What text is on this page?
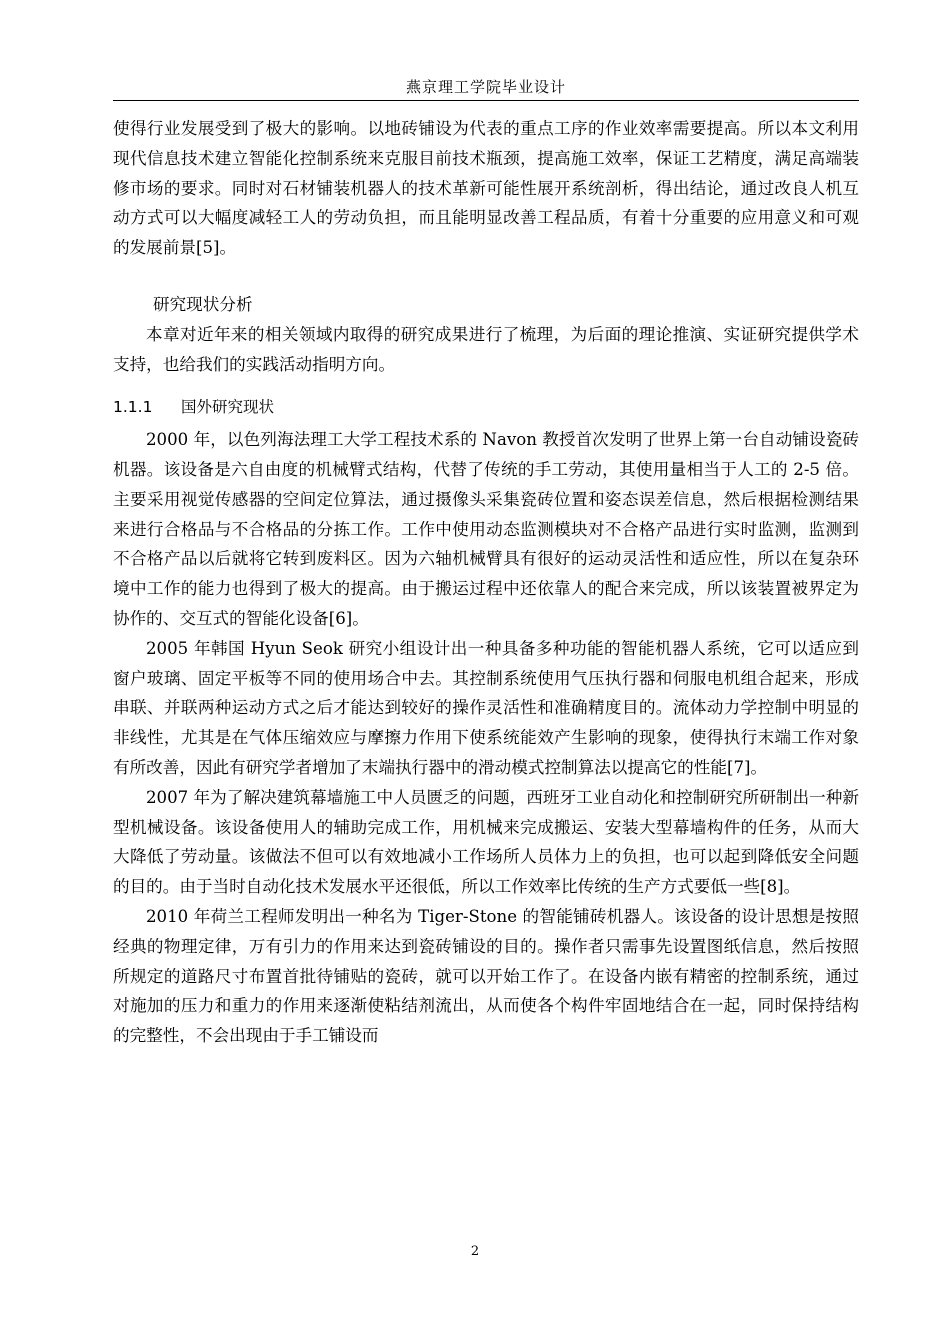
燕京理工学院毕业设计

使得行业发展受到了极大的影响。以地砖铺设为代表的重点工序的作业效率需要提高。所以本文利用现代信息技术建立智能化控制系统来克服目前技术瓶颈，提高施工效率，保证工艺精度，满足高端装修市场的要求。同时对石材铺装机器人的技术革新可能性展开系统剖析，得出结论，通过改良人机互动方式可以大幅度减轻工人的劳动负担，而且能明显改善工程品质，有着十分重要的应用意义和可观的发展前景[5]。

研究现状分析

本章对近年来的相关领域内取得的研究成果进行了梳理，为后面的理论推演、实证研究提供学术支持，也给我们的实践活动指明方向。

1.1.1 国外研究现状

2000 年，以色列海法理工大学工程技术系的 Navon 教授首次发明了世界上第一台自动铺设瓷砖机器。该设备是六自由度的机械臂式结构，代替了传统的手工劳动，其使用量相当于人工的 2-5 倍。主要采用视觉传感器的空间定位算法，通过摄像头采集瓷砖位置和姿态误差信息，然后根据检测结果来进行合格品与不合格品的分拣工作。工作中使用动态监测模块对不合格产品进行实时监测，监测到不合格产品以后就将它转到废料区。因为六轴机械臂具有很好的运动灵活性和适应性，所以在复杂环境中工作的能力也得到了极大的提高。由于搬运过程中还依靠人的配合来完成，所以该装置被界定为协作的、交互式的智能化设备[6]。

2005 年韩国 Hyun Seok 研究小组设计出一种具备多种功能的智能机器人系统，它可以适应到窗户玻璃、固定平板等不同的使用场合中去。其控制系统使用气压执行器和伺服电机组合起来，形成串联、并联两种运动方式之后才能达到较好的操作灵活性和准确精度目的。流体动力学控制中明显的非线性，尤其是在气体压缩效应与摩擦力作用下使系统能效产生影响的现象，使得执行末端工作对象有所改善，因此有研究学者增加了末端执行器中的滑动模式控制算法以提高它的性能[7]。

2007 年为了解决建筑幕墙施工中人员匮乏的问题，西班牙工业自动化和控制研究所研制出一种新型机械设备。该设备使用人的辅助完成工作，用机械来完成搬运、安装大型幕墙构件的任务，从而大大降低了劳动量。该做法不但可以有效地减小工作场所人员体力上的负担，也可以起到降低安全问题的目的。由于当时自动化技术发展水平还很低，所以工作效率比传统的生产方式要低一些[8]。

2010 年荷兰工程师发明出一种名为 Tiger-Stone 的智能铺砖机器人。该设备的设计思想是按照经典的物理定律，万有引力的作用来达到瓷砖铺设的目的。操作者只需事先设置图纸信息，然后按照所规定的道路尺寸布置首批待铺贴的瓷砖，就可以开始工作了。在设备内嵌有精密的控制系统，通过对施加的压力和重力的作用来逐渐使粘结剂流出，从而使各个构件牢固地结合在一起，同时保持结构的完整性，不会出现由于手工铺设而

2
